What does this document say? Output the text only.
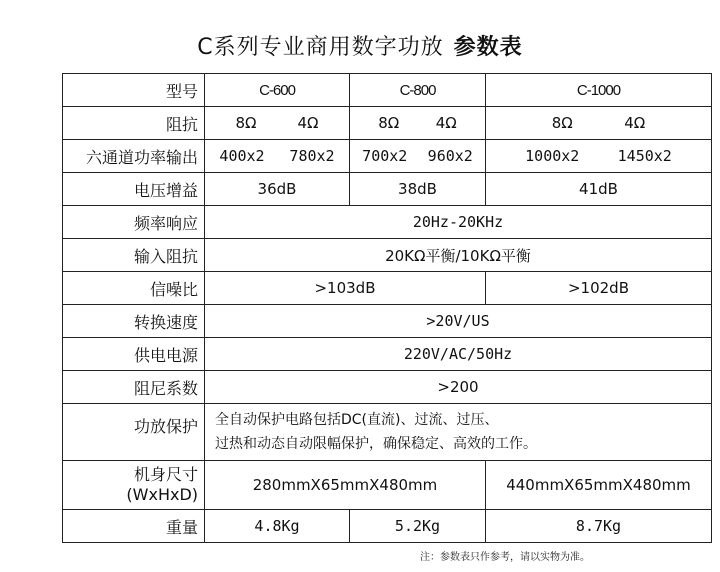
C系列专业商用数字功放 参数表
型号	C-600	C-800	C-1000
阻抗	8Ω 4Ω	8Ω 4Ω	8Ω 4Ω

六通道功率输出	400x2 780x2	700x2 960x2	1000x2 1450x2

电压增益	36dB	38dB	41dB
频率响应	20Hz-20KHz		
输入阻抗	20KΩ平衡/10KΩ平衡		
信噪比	>103dB		>102dB
转换速度	>20V/US		
供电电源	220V/AC/50Hz		
阻尼系数	>200		
功放保护	全自动保护电路包括DC(直流)、过流、过压、
过热和动态自动限幅保护，确保稳定、高效的工作。		

机身尺寸
(WxHxD)	280mmX65mmX480mm		440mmX65mmX480mm
重量	4.8Kg	5.2Kg	8.7Kg
注：参数表只作参考，请以实物为准。
